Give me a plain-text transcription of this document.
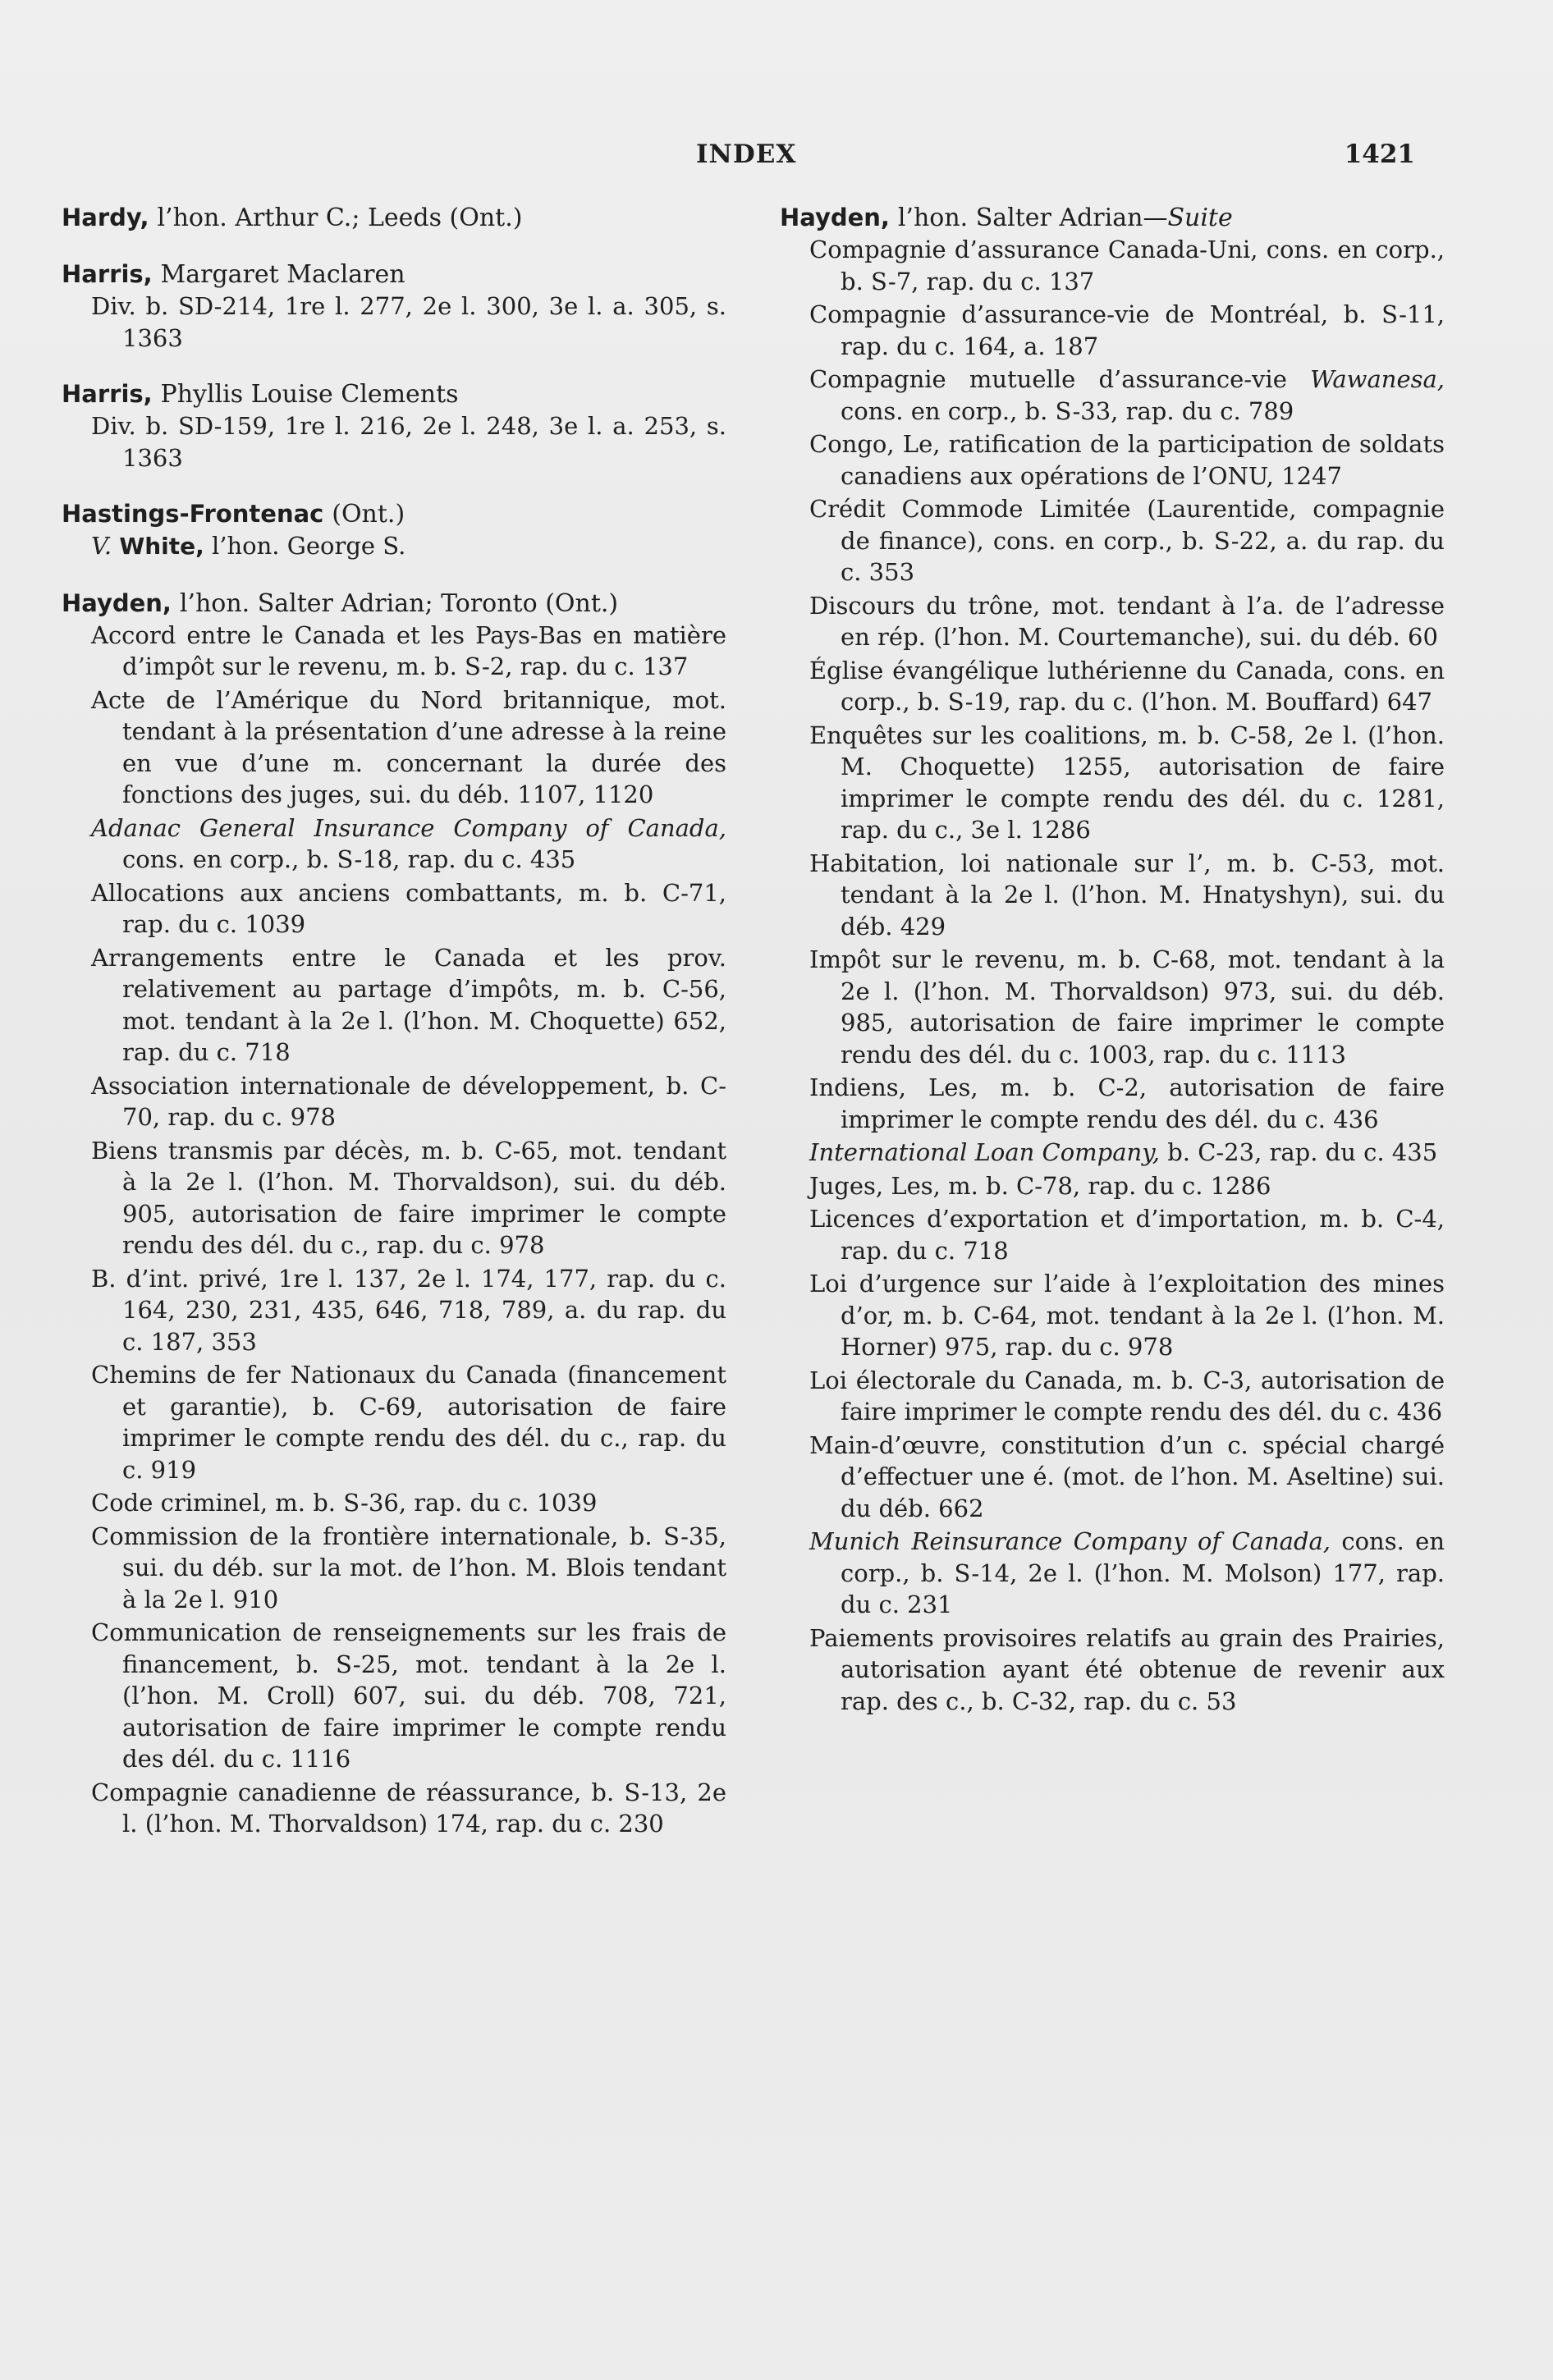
INDEX	1421

Hardy, l’hon. Arthur C.; Leeds (Ont.)

Harris, Margaret Maclaren

Div. b. SD-214, 1re l. 277, 2e l. 300, 3e l. a. 305, s. 1363

Harris, Phyllis Louise Clements

Div. b. SD-159, 1re l. 216, 2e l. 248, 3e l. a. 253, s. 1363

Hastings-Frontenac (Ont.)

V. White, l’hon. George S.

Hayden, l’hon. Salter Adrian; Toronto (Ont.)

Accord entre le Canada et les Pays-Bas en matière d’impôt sur le revenu, m. b. S-2, rap. du c. 137

Acte de l’Amérique du Nord britannique, mot. tendant à la présentation d’une adresse à la reine en vue d’une m. concernant la durée des fonctions des juges, sui. du déb. 1107, 1120

Adanac General Insurance Company of Canada, cons. en corp., b. S-18, rap. du c. 435

Allocations aux anciens combattants, m. b. C-71, rap. du c. 1039

Arrangements entre le Canada et les prov. relativement au partage d’impôts, m. b. C-56, mot. tendant à la 2e l. (l’hon. M. Choquette) 652, rap. du c. 718

Association internationale de développement, b. C-70, rap. du c. 978

Biens transmis par décès, m. b. C-65, mot. tendant à la 2e l. (l’hon. M. Thorvaldson), sui. du déb. 905, autorisation de faire imprimer le compte rendu des dél. du c., rap. du c. 978

B. d’int. privé, 1re l. 137, 2e l. 174, 177, rap. du c. 164, 230, 231, 435, 646, 718, 789, a. du rap. du c. 187, 353

Chemins de fer Nationaux du Canada (financement et garantie), b. C-69, autorisation de faire imprimer le compte rendu des dél. du c., rap. du c. 919

Code criminel, m. b. S-36, rap. du c. 1039

Commission de la frontière internationale, b. S-35, sui. du déb. sur la mot. de l’hon. M. Blois tendant à la 2e l. 910

Communication de renseignements sur les frais de financement, b. S-25, mot. tendant à la 2e l. (l’hon. M. Croll) 607, sui. du déb. 708, 721, autorisation de faire imprimer le compte rendu des dél. du c. 1116

Compagnie canadienne de réassurance, b. S-13, 2e l. (l’hon. M. Thorvaldson) 174, rap. du c. 230

Hayden, l’hon. Salter Adrian—Suite

Compagnie d’assurance Canada-Uni, cons. en corp., b. S-7, rap. du c. 137

Compagnie d’assurance-vie de Montréal, b. S-11, rap. du c. 164, a. 187

Compagnie mutuelle d’assurance-vie Wawanesa, cons. en corp., b. S-33, rap. du c. 789

Congo, Le, ratification de la participation de soldats canadiens aux opérations de l’ONU, 1247

Crédit Commode Limitée (Laurentide, compagnie de finance), cons. en corp., b. S-22, a. du rap. du c. 353

Discours du trône, mot. tendant à l’a. de l’adresse en rép. (l’hon. M. Courtemanche), sui. du déb. 60

Église évangélique luthérienne du Canada, cons. en corp., b. S-19, rap. du c. (l’hon. M. Bouffard) 647

Enquêtes sur les coalitions, m. b. C-58, 2e l. (l’hon. M. Choquette) 1255, autorisation de faire imprimer le compte rendu des dél. du c. 1281, rap. du c., 3e l. 1286

Habitation, loi nationale sur l’, m. b. C-53, mot. tendant à la 2e l. (l’hon. M. Hnatyshyn), sui. du déb. 429

Impôt sur le revenu, m. b. C-68, mot. tendant à la 2e l. (l’hon. M. Thorvaldson) 973, sui. du déb. 985, autorisation de faire imprimer le compte rendu des dél. du c. 1003, rap. du c. 1113

Indiens, Les, m. b. C-2, autorisation de faire imprimer le compte rendu des dél. du c. 436

International Loan Company, b. C-23, rap. du c. 435

Juges, Les, m. b. C-78, rap. du c. 1286

Licences d’exportation et d’importation, m. b. C-4, rap. du c. 718

Loi d’urgence sur l’aide à l’exploitation des mines d’or, m. b. C-64, mot. tendant à la 2e l. (l’hon. M. Horner) 975, rap. du c. 978

Loi électorale du Canada, m. b. C-3, autorisation de faire imprimer le compte rendu des dél. du c. 436

Main-d’œuvre, constitution d’un c. spécial chargé d’effectuer une é. (mot. de l’hon. M. Aseltine) sui. du déb. 662

Munich Reinsurance Company of Canada, cons. en corp., b. S-14, 2e l. (l’hon. M. Molson) 177, rap. du c. 231

Paiements provisoires relatifs au grain des Prairies, autorisation ayant été obtenue de revenir aux rap. des c., b. C-32, rap. du c. 53
